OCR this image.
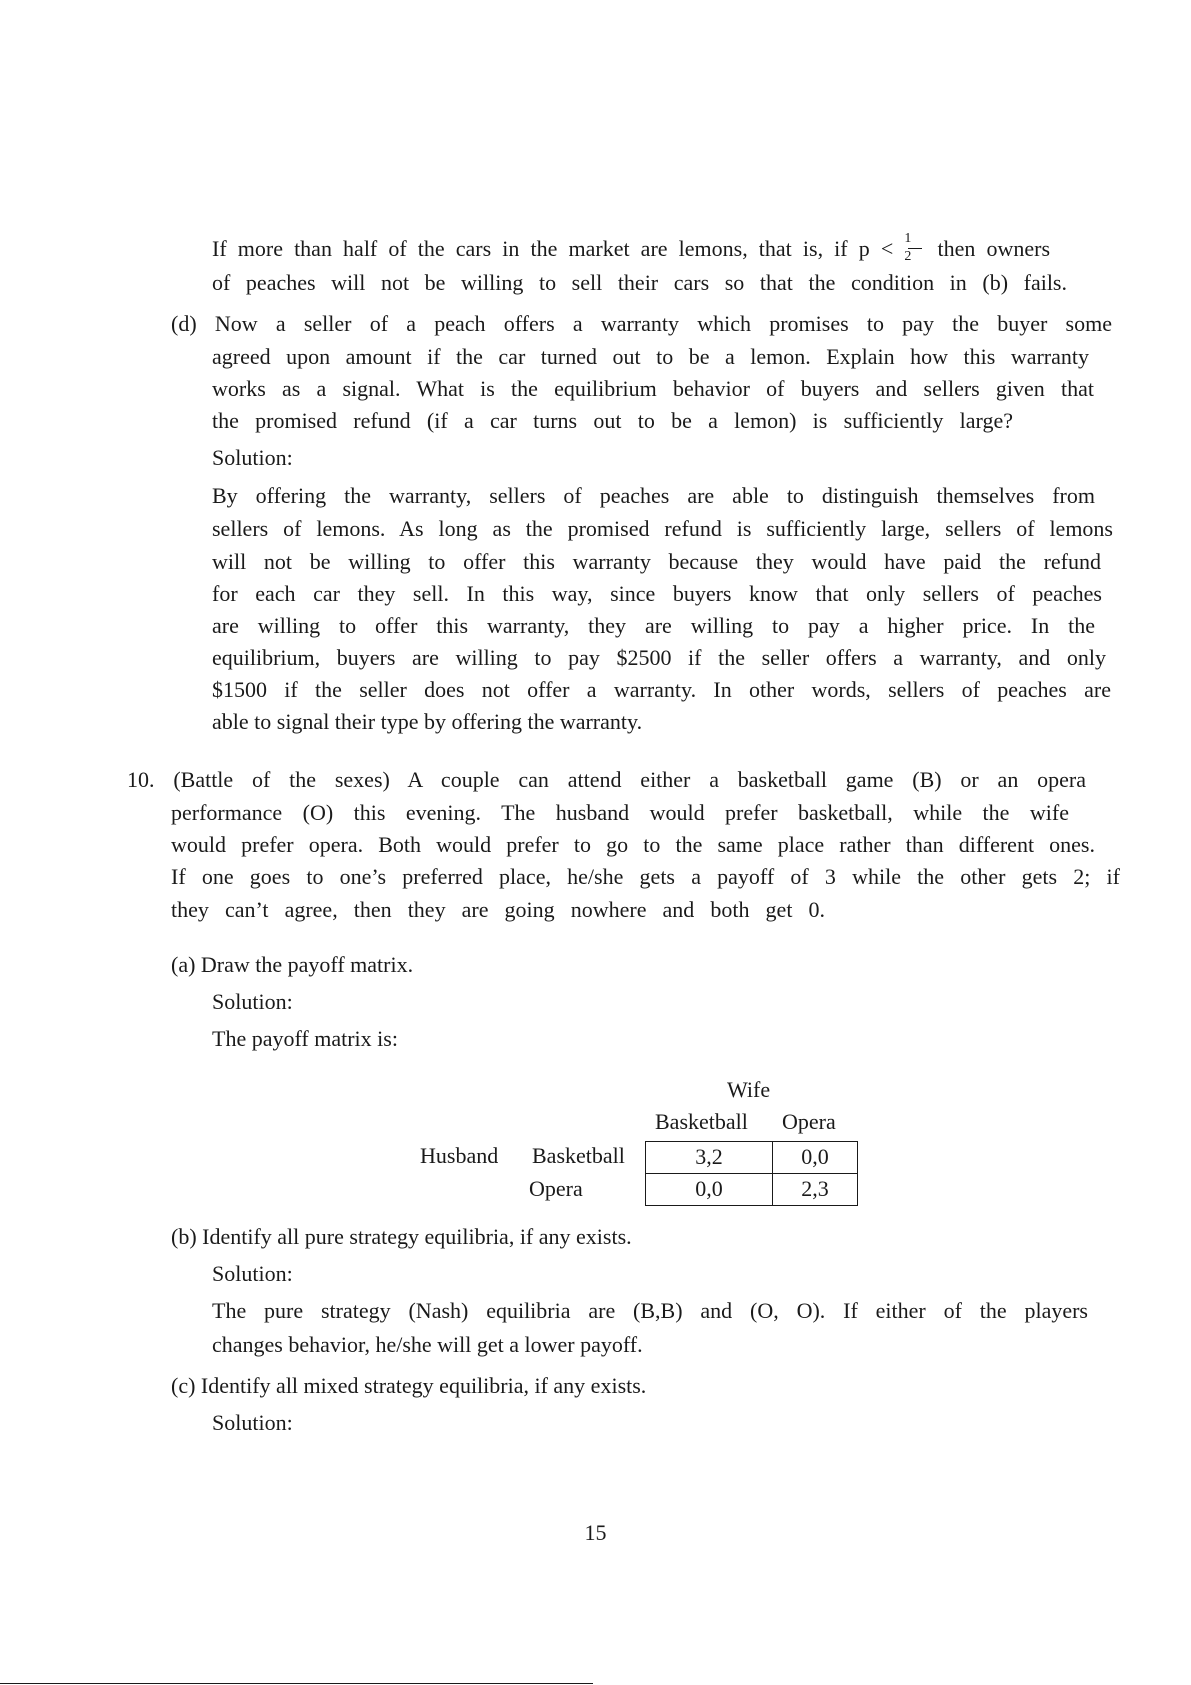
If more than half of the cars in the market are lemons, that is, if $p < \frac{1}{2}$ then owners
of peaches will not be willing to sell their cars so that the condition in (b) fails.
(d) Now a seller of a peach offers a warranty which promises to pay the buyer some
agreed upon amount if the car turned out to be a lemon. Explain how this warranty
works as a signal. What is the equilibrium behavior of buyers and sellers given that
the promised refund (if a car turns out to be a lemon) is sufficiently large?
Solution:
By offering the warranty, sellers of peaches are able to distinguish themselves from
sellers of lemons. As long as the promised refund is sufficiently large, sellers of lemons
will not be willing to offer this warranty because they would have paid the refund
for each car they sell. In this way, since buyers know that only sellers of peaches
are willing to offer this warranty, they are willing to pay a higher price. In the
equilibrium, buyers are willing to pay $2500 if the seller offers a warranty, and only
$1500 if the seller does not offer a warranty. In other words, sellers of peaches are
able to signal their type by offering the warranty.
10. (Battle of the sexes) A couple can attend either a basketball game (B) or an opera
performance (O) this evening. The husband would prefer basketball, while the wife
would prefer opera. Both would prefer to go to the same place rather than different ones.
If one goes to one’s preferred place, he/she gets a payoff of 3 while the other gets 2; if
they can’t agree, then they are going nowhere and both get 0.
(a) Draw the payoff matrix.
Solution:
The payoff matrix is:
Wife
Basketball Opera
Husband Basketball
Opera
3,2	0,0
0,0	2,3
(b) Identify all pure strategy equilibria, if any exists.
Solution:
The pure strategy (Nash) equilibria are (B,B) and (O, O). If either of the players
changes behavior, he/she will get a lower payoff.
(c) Identify all mixed strategy equilibria, if any exists.
Solution:
15
